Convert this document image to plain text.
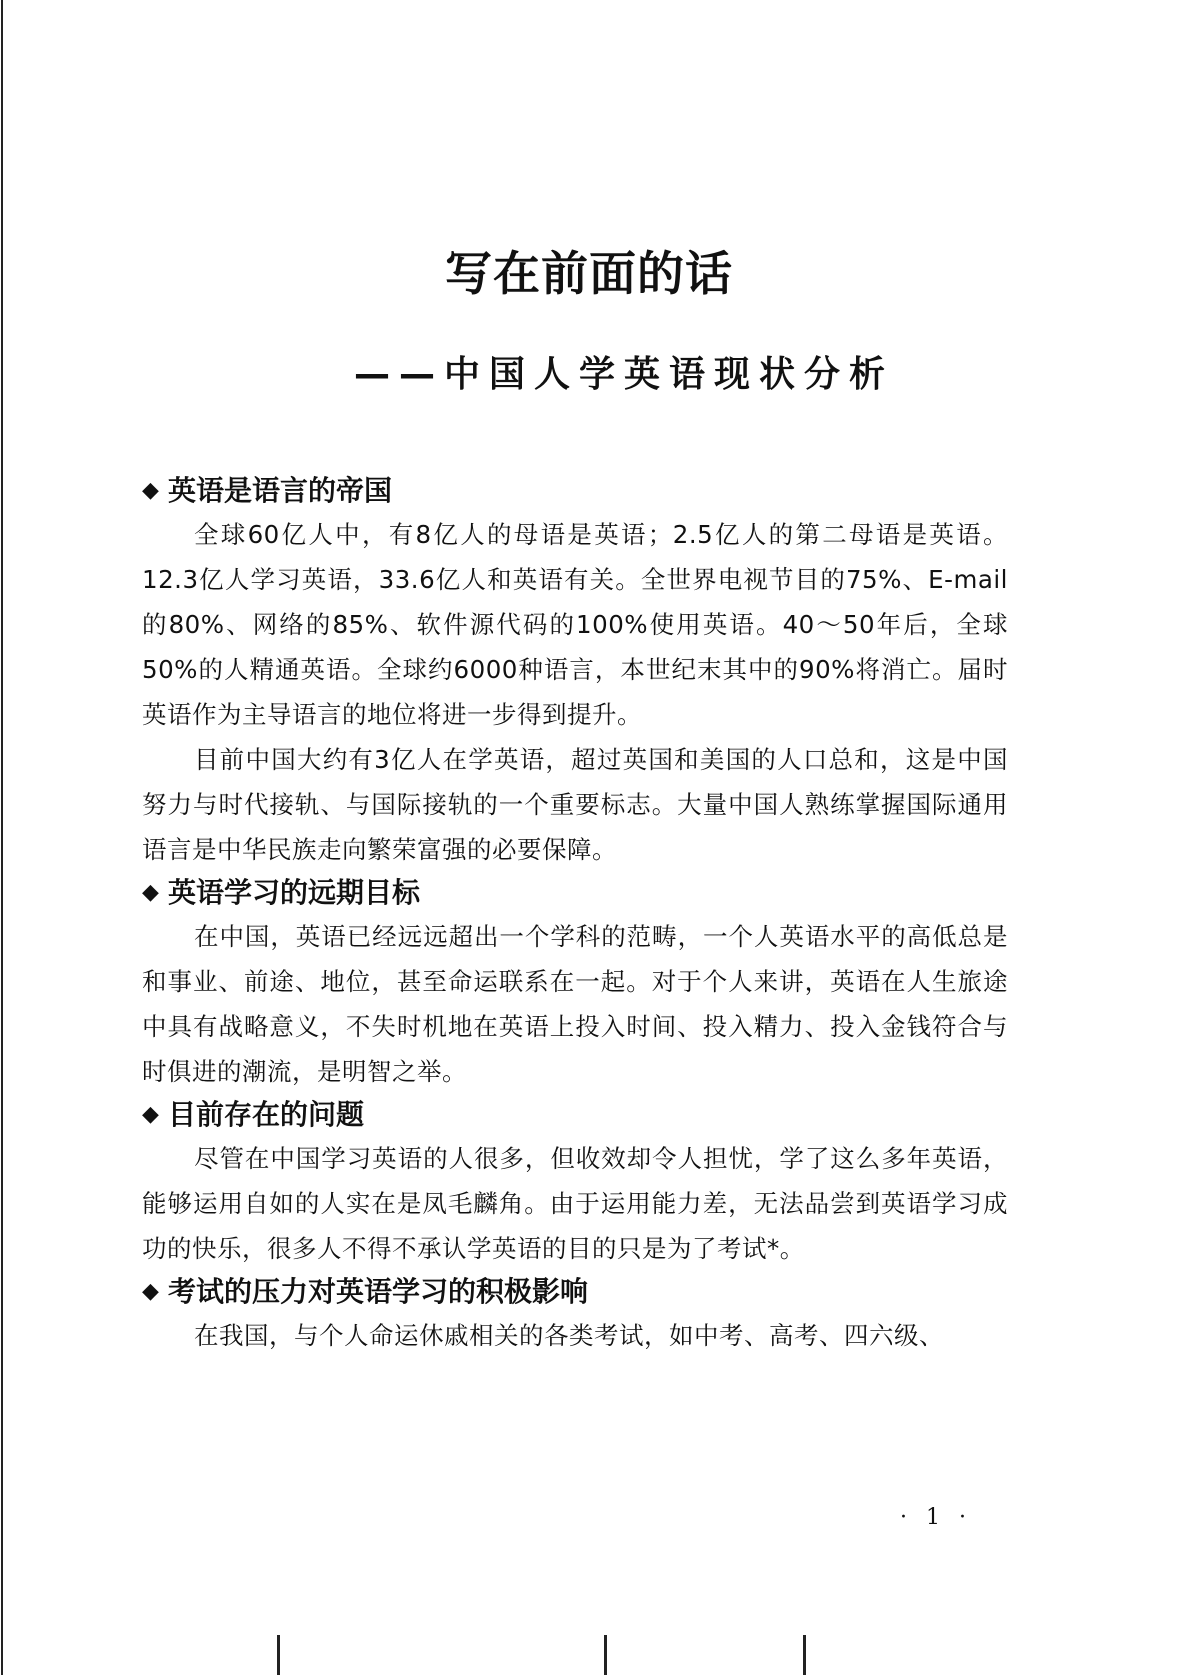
写在前面的话
——中国人学英语现状分析
◆ 英语是语言的帝国

全球60亿人中，有8亿人的母语是英语；2.5亿人的第二母语是英语。12.3亿人学习英语，33.6亿人和英语有关。全世界电视节目的75%、E-mail的80%、网络的85%、软件源代码的100%使用英语。40～50年后，全球50%的人精通英语。全球约6000种语言，本世纪末其中的90%将消亡。届时英语作为主导语言的地位将进一步得到提升。

目前中国大约有3亿人在学英语，超过英国和美国的人口总和，这是中国努力与时代接轨、与国际接轨的一个重要标志。大量中国人熟练掌握国际通用语言是中华民族走向繁荣富强的必要保障。

◆ 英语学习的远期目标

在中国，英语已经远远超出一个学科的范畴，一个人英语水平的高低总是和事业、前途、地位，甚至命运联系在一起。对于个人来讲，英语在人生旅途中具有战略意义，不失时机地在英语上投入时间、投入精力、投入金钱符合与时俱进的潮流，是明智之举。

◆ 目前存在的问题

尽管在中国学习英语的人很多，但收效却令人担忧，学了这么多年英语，能够运用自如的人实在是凤毛麟角。由于运用能力差，无法品尝到英语学习成功的快乐，很多人不得不承认学英语的目的只是为了考试*。

◆ 考试的压力对英语学习的积极影响

在我国，与个人命运休戚相关的各类考试，如中考、高考、四六级、

· 1 ·
